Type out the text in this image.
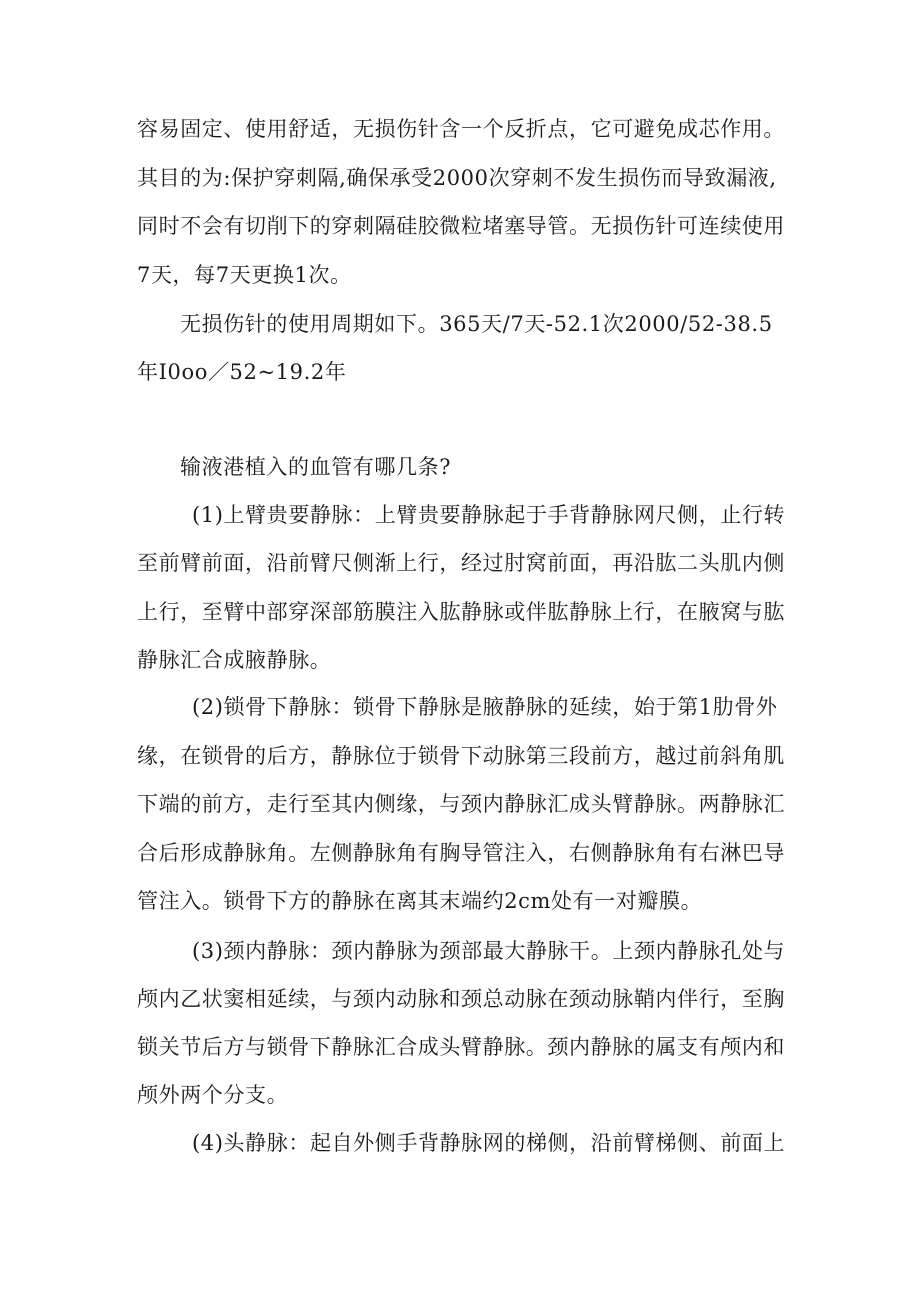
容易固定、使用舒适，无损伤针含一个反折点，它可避免成芯作用。
其目的为:保护穿刺隔,确保承受2000次穿刺不发生损伤而导致漏液,
同时不会有切削下的穿刺隔硅胶微粒堵塞导管。无损伤针可连续使用
7天，每7天更换1次。
无损伤针的使用周期如下。365天/7天-52.1次2000/52-38.5
年I0oo／52~19.2年
输液港植入的血管有哪几条?
(1)上臂贵要静脉：上臂贵要静脉起于手背静脉网尺侧，止行转
至前臂前面，沿前臂尺侧渐上行，经过肘窝前面，再沿肱二头肌内侧
上行，至臂中部穿深部筋膜注入肱静脉或伴肱静脉上行，在腋窝与肱
静脉汇合成腋静脉。
(2)锁骨下静脉：锁骨下静脉是腋静脉的延续，始于第1肋骨外
缘，在锁骨的后方，静脉位于锁骨下动脉第三段前方，越过前斜角肌
下端的前方，走行至其内侧缘，与颈内静脉汇成头臂静脉。两静脉汇
合后形成静脉角。左侧静脉角有胸导管注入，右侧静脉角有右淋巴导
管注入。锁骨下方的静脉在离其末端约2cm处有一对瓣膜。
(3)颈内静脉：颈内静脉为颈部最大静脉干。上颈内静脉孔处与
颅内乙状窦相延续，与颈内动脉和颈总动脉在颈动脉鞘内伴行，至胸
锁关节后方与锁骨下静脉汇合成头臂静脉。颈内静脉的属支有颅内和
颅外两个分支。
(4)头静脉：起自外侧手背静脉网的梯侧，沿前臂梯侧、前面上
